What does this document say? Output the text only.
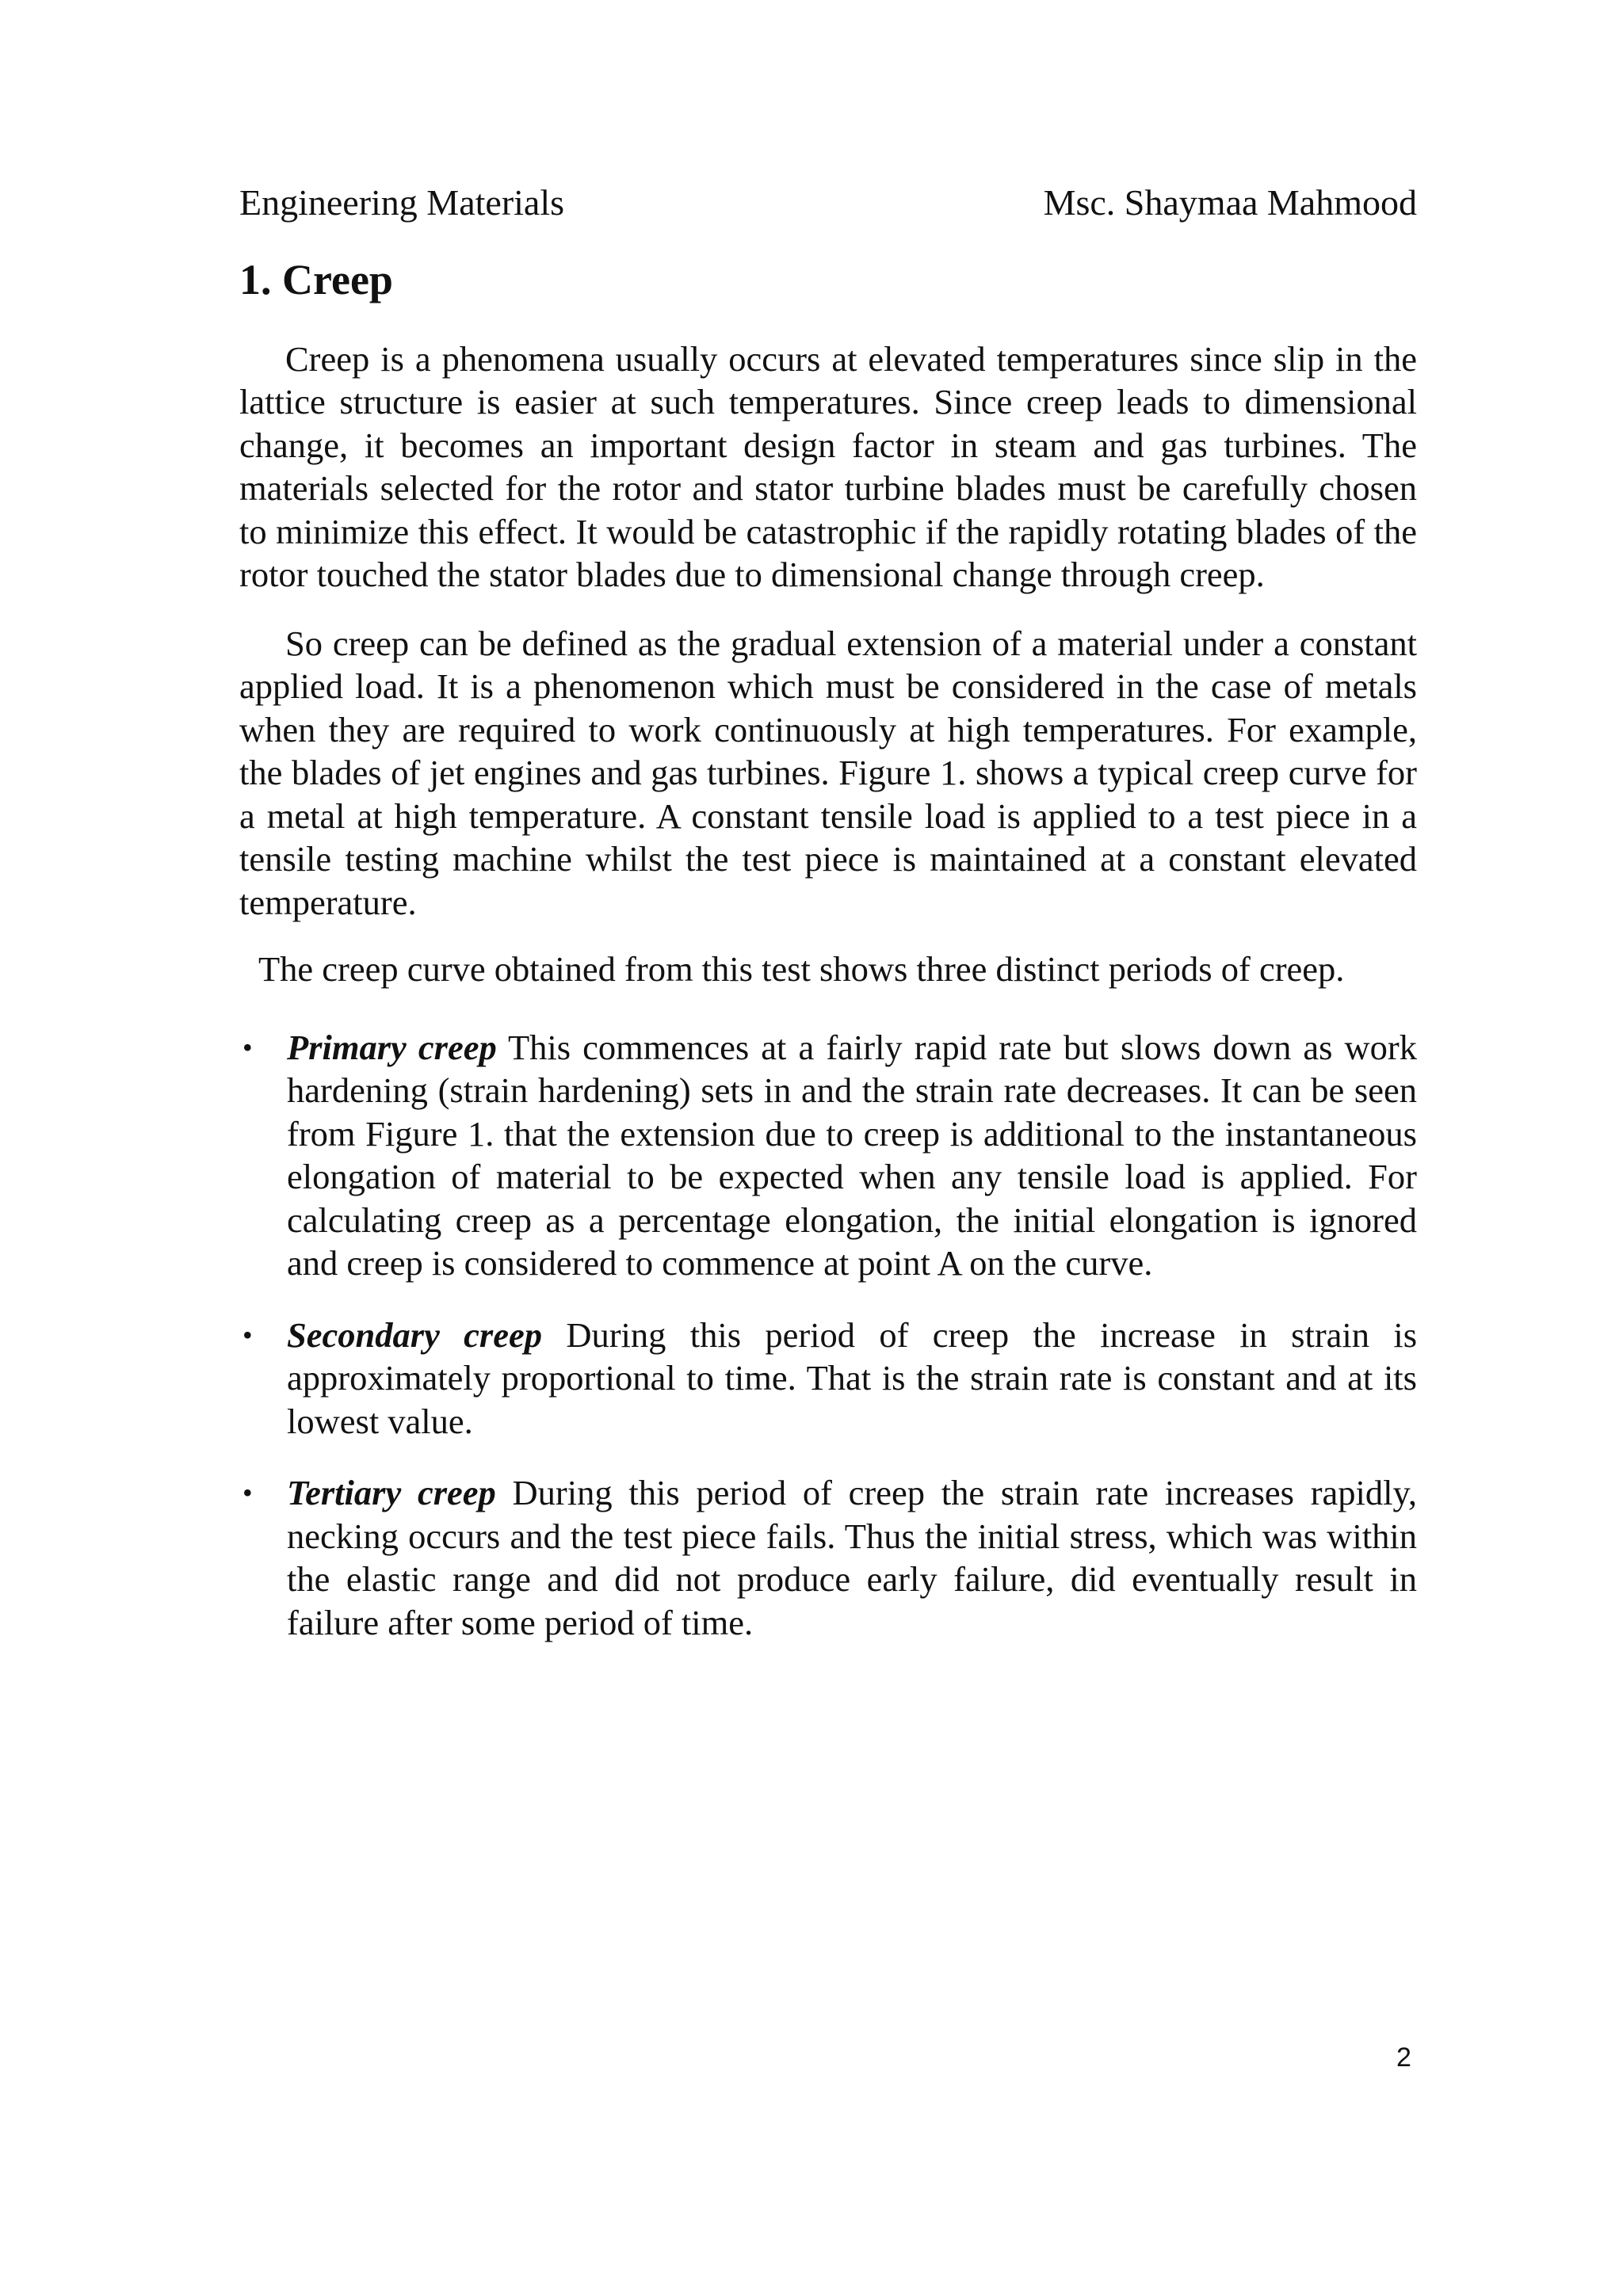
Engineering Materials	Msc. Shaymaa Mahmood
1. Creep

Creep is a phenomena usually occurs at elevated temperatures since slip in the lattice structure is easier at such temperatures. Since creep leads to dimensional change, it becomes an important design factor in steam and gas turbines. The materials selected for the rotor and stator turbine blades must be carefully chosen to minimize this effect. It would be catastrophic if the rapidly rotating blades of the rotor touched the stator blades due to dimensional change through creep.

So creep can be defined as the gradual extension of a material under a constant applied load. It is a phenomenon which must be considered in the case of metals when they are required to work continuously at high temperatures. For example, the blades of jet engines and gas turbines. Figure 1. shows a typical creep curve for a metal at high temperature. A constant tensile load is applied to a test piece in a tensile testing machine whilst the test piece is maintained at a constant elevated temperature.

The creep curve obtained from this test shows three distinct periods of creep.

• Primary creep This commences at a fairly rapid rate but slows down as work hardening (strain hardening) sets in and the strain rate decreases. It can be seen from Figure 1. that the extension due to creep is additional to the instantaneous elongation of material to be expected when any tensile load is applied. For calculating creep as a percentage elongation, the initial elongation is ignored and creep is considered to commence at point A on the curve.
• Secondary creep During this period of creep the increase in strain is approximately proportional to time. That is the strain rate is constant and at its lowest value.
• Tertiary creep During this period of creep the strain rate increases rapidly, necking occurs and the test piece fails. Thus the initial stress, which was within the elastic range and did not produce early failure, did eventually result in failure after some period of time.
2
